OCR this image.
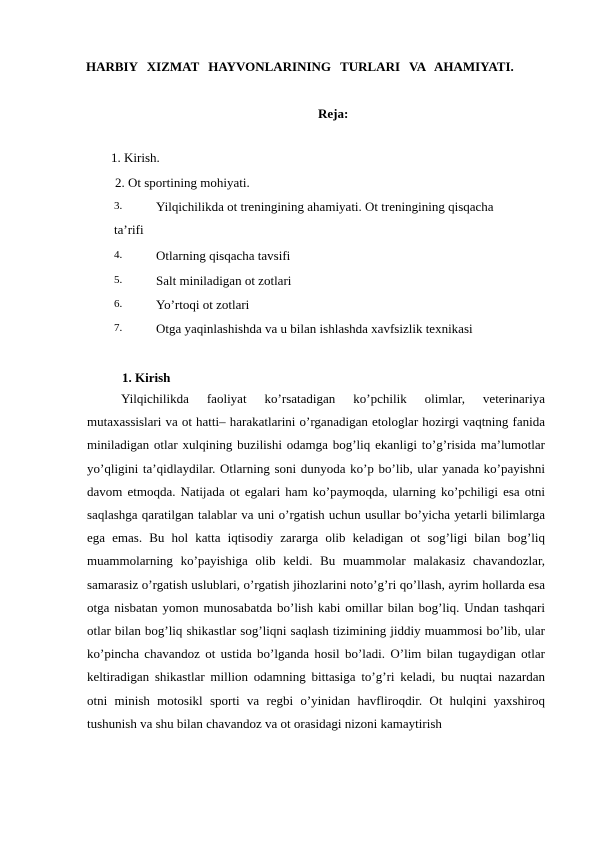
HARBIY XIZMAT HAYVONLARINING TURLARI VA AHAMIYATI.
Reja:
1. Kirish.
2. Ot sportining mohiyati.
3.	Yilqichilikda ot treningining ahamiyati. Ot treningining qisqacha
ta’rifi
4.	Otlarning qisqacha tavsifi
5.	Salt miniladigan ot zotlari
6.	Yo’rtoqi ot zotlari
7.	Otga yaqinlashishda va u bilan ishlashda xavfsizlik texnikasi
1. Kirish

Yilqichilikda faoliyat ko’rsatadigan ko’pchilik olimlar, veterinariya mutaxassislari va ot hatti– harakatlarini o’rganadigan etologlar hozirgi vaqtning fanida miniladigan otlar xulqining buzilishi odamga bog’liq ekanligi to’g’risida ma’lumotlar yo’qligini ta’qidlaydilar. Otlarning soni dunyoda ko’p bo’lib, ular yanada ko’payishni davom etmoqda. Natijada ot egalari ham ko’paymoqda, ularning ko’pchiligi esa otni saqlashga qaratilgan talablar va uni o’rgatish uchun usullar bo’yicha yetarli bilimlarga ega emas. Bu hol katta iqtisodiy zararga olib keladigan ot sog’ligi bilan bog’liq muammolarning ko’payishiga olib keldi. Bu muammolar malakasiz chavandozlar, samarasiz o’rgatish uslublari, o’rgatish jihozlarini noto’g’ri qo’llash, ayrim hollarda esa otga nisbatan yomon munosabatda bo’lish kabi omillar bilan bog’liq. Undan tashqari otlar bilan bog’liq shikastlar sog’liqni saqlash tizimining jiddiy muammosi bo’lib, ular ko’pincha chavandoz ot ustida bo’lganda hosil bo’ladi. O’lim bilan tugaydigan otlar keltiradigan shikastlar million odamning bittasiga to’g’ri keladi, bu nuqtai nazardan otni minish motosikl sporti va regbi o’yinidan havfliroqdir. Ot hulqini yaxshiroq tushunish va shu bilan chavandoz va ot orasidagi nizoni kamaytirish
